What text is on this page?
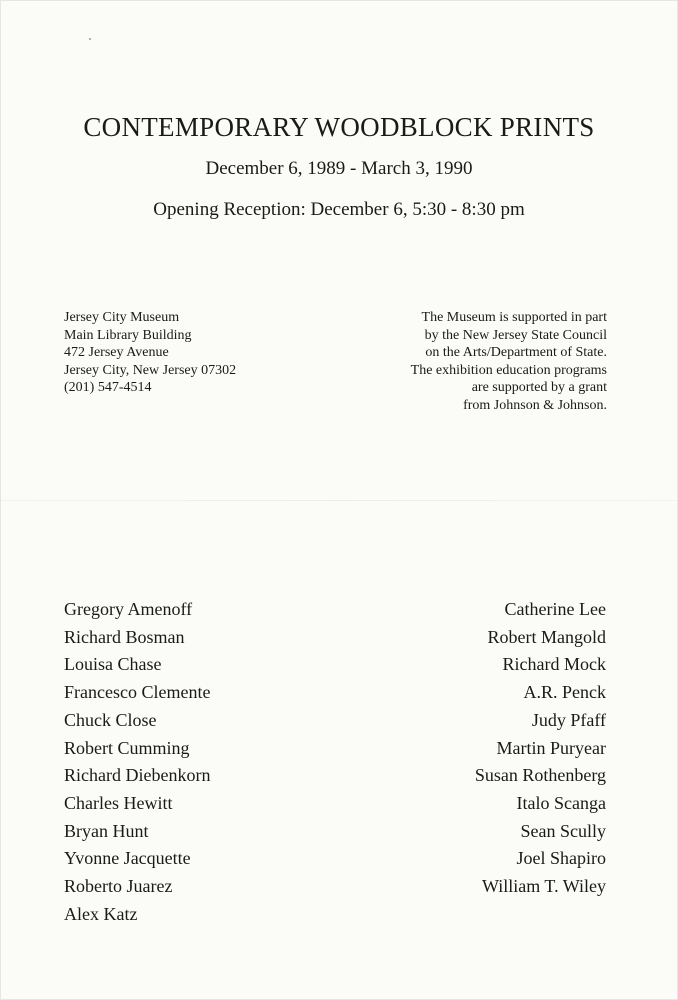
CONTEMPORARY WOODBLOCK PRINTS
December 6, 1989 - March 3, 1990
Opening Reception: December 6, 5:30 - 8:30 pm
Jersey City Museum
Main Library Building
472 Jersey Avenue
Jersey City, New Jersey 07302
(201) 547-4514
The Museum is supported in part
by the New Jersey State Council
on the Arts/Department of State.
The exhibition education programs
are supported by a grant
from Johnson & Johnson.
Gregory Amenoff
Richard Bosman
Louisa Chase
Francesco Clemente
Chuck Close
Robert Cumming
Richard Diebenkorn
Charles Hewitt
Bryan Hunt
Yvonne Jacquette
Roberto Juarez
Alex Katz
Catherine Lee
Robert Mangold
Richard Mock
A.R. Penck
Judy Pfaff
Martin Puryear
Susan Rothenberg
Italo Scanga
Sean Scully
Joel Shapiro
William T. Wiley
